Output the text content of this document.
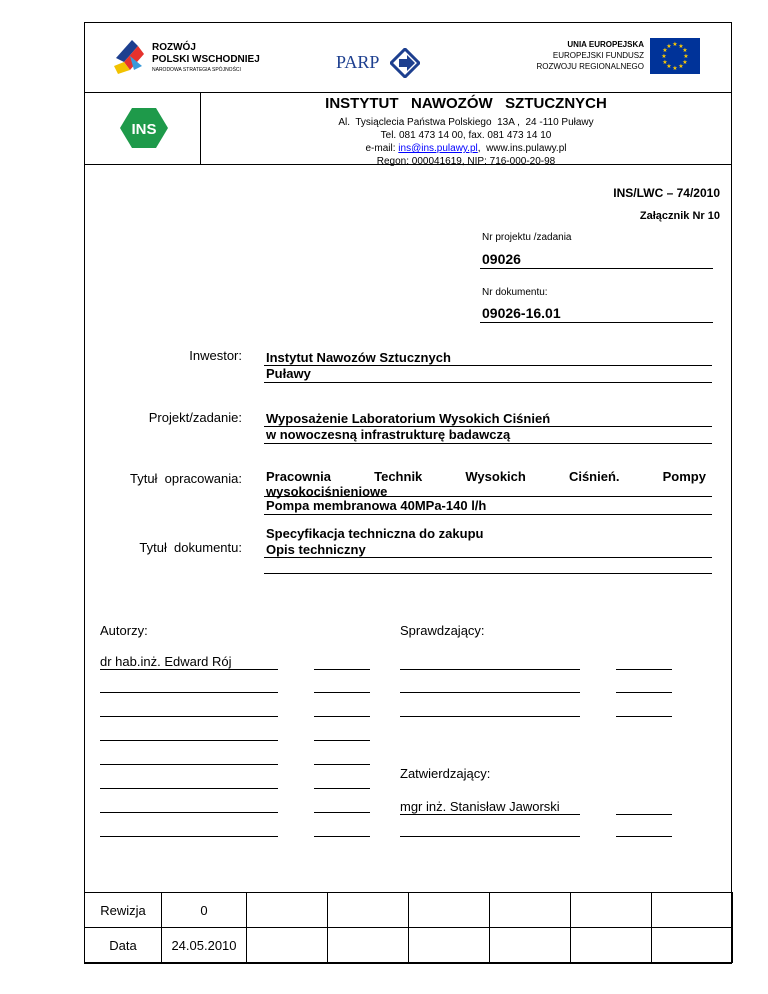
ROZWÓJ
POLSKI WSCHODNIEJ
NARODOWA STRATEGIA SPÓJNOŚCI	PARP
UNIA EUROPEJSKA
EUROPEJSKI FUNDUSZ
ROZWOJU REGIONALNEGO
★ ★
★
★
★
★
★
★
★
★
★
★
INS
INSTYTUT   NAWOZÓW   SZTUCZNYCH
Al.  Tysiąclecia Państwa Polskiego  13A ,  24 -110 Puławy
Tel. 081 473 14 00, fax. 081 473 14 10
e-mail: ins@ins.pulawy.pl,  www.ins.pulawy.pl
Regon: 000041619, NIP: 716-000-20-98
INS/LWC – 74/2010
Załącznik Nr 10
Nr projektu /zadania
09026
Nr dokumentu:
09026-16.01
Inwestor: Instytut Nawozów Sztucznych
Puławy
Projekt/zadanie: Wyposażenie Laboratorium Wysokich Ciśnień
w nowoczesną infrastrukturę badawczą
Tytuł  opracowania: Pracownia	Technik	Wysokich	Ciśnień.	Pompy
wysokociśnieniowe
Pompa membranowa 40MPa-140 l/h
Tytuł  dokumentu:
Specyfikacja techniczna do zakupu
Opis techniczny
Autorzy:	Sprawdzający:
dr hab.inż. Edward Rój
Zatwierdzający:
mgr inż. Stanisław Jaworski
Rewizja	0						
Data	24.05.2010						
